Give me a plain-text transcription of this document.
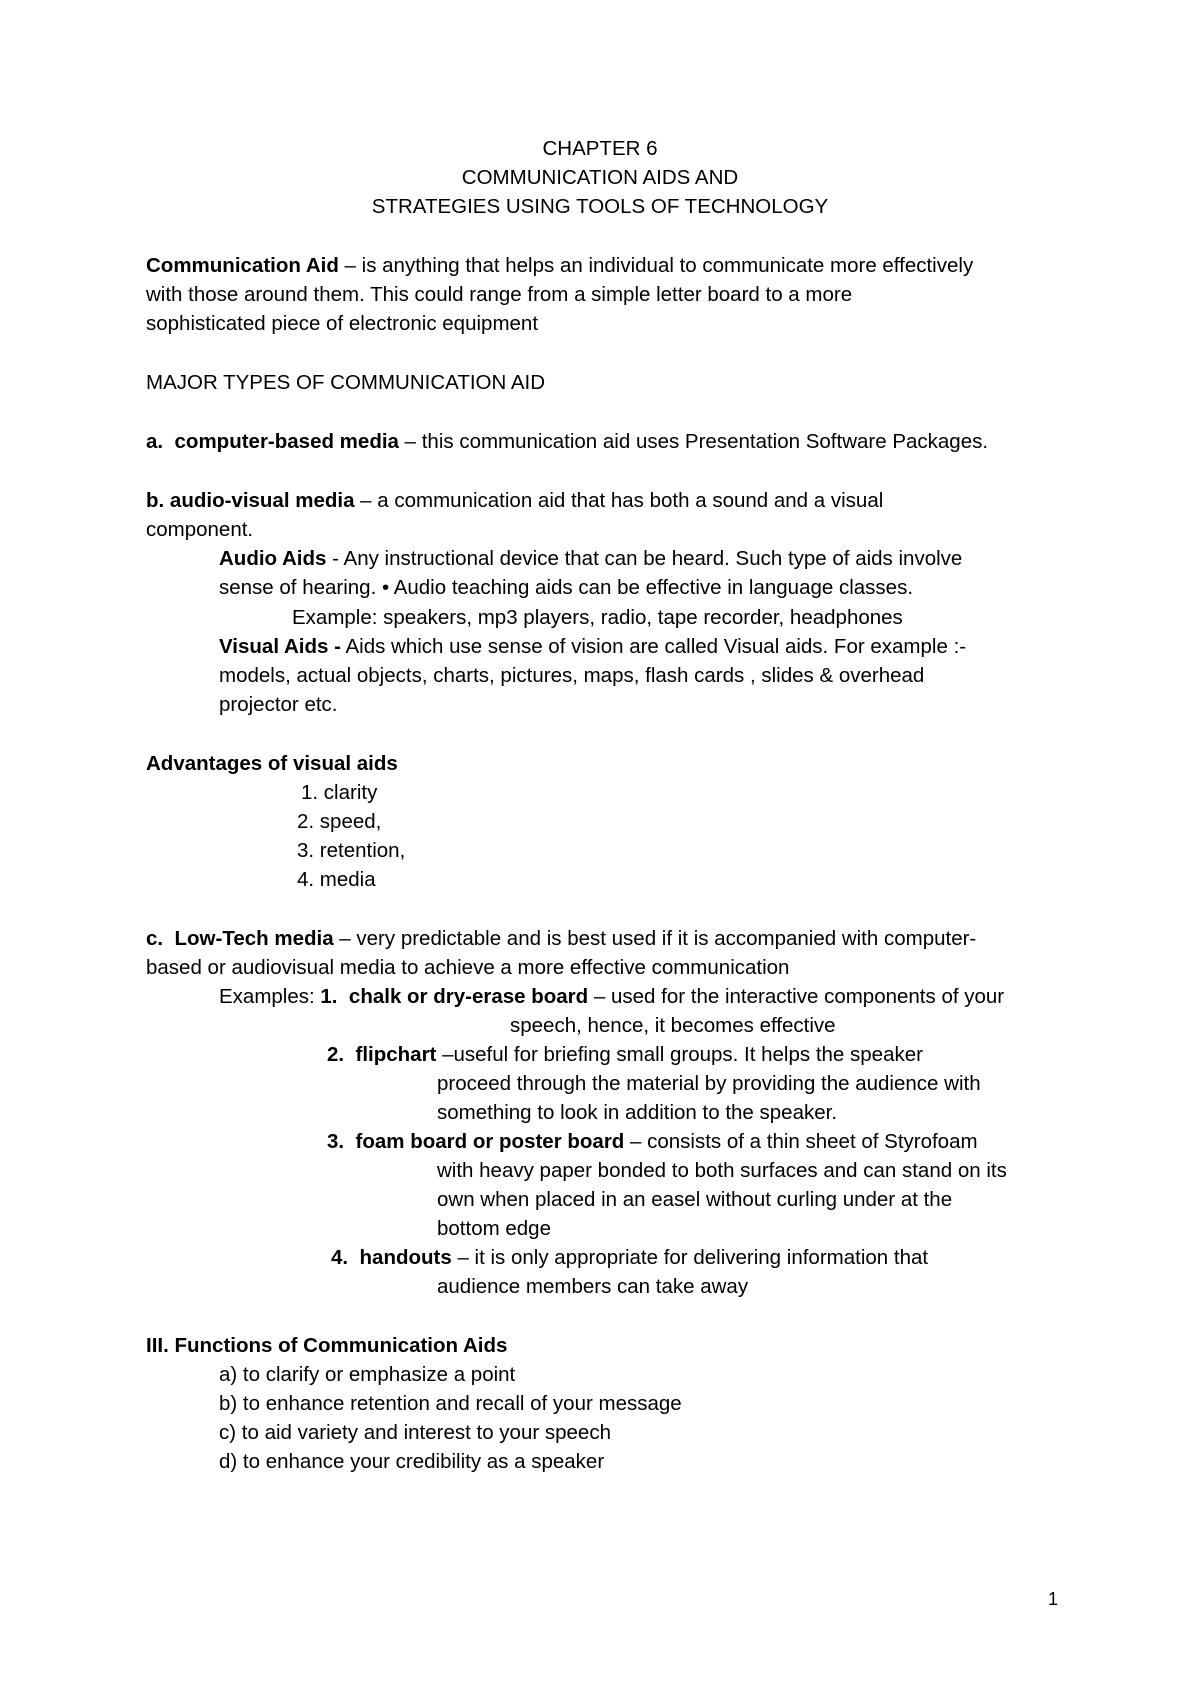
CHAPTER 6
COMMUNICATION AIDS AND
STRATEGIES USING TOOLS OF TECHNOLOGY
Communication Aid – is anything that helps an individual to communicate more effectively
with those around them. This could range from a simple letter board to a more
sophisticated piece of electronic equipment
MAJOR TYPES OF COMMUNICATION AID
a. computer-based media – this communication aid uses Presentation Software Packages.
b. audio-visual media – a communication aid that has both a sound and a visual
component.
Audio Aids - Any instructional device that can be heard. Such type of aids involve
sense of hearing. • Audio teaching aids can be effective in language classes.
Example: speakers, mp3 players, radio, tape recorder, headphones
Visual Aids - Aids which use sense of vision are called Visual aids. For example :-
models, actual objects, charts, pictures, maps, flash cards , slides & overhead
projector etc.
Advantages of visual aids
1. clarity
2. speed,
3. retention,
4. media
c. Low-Tech media – very predictable and is best used if it is accompanied with computer-
based or audiovisual media to achieve a more effective communication
Examples: 1. chalk or dry-erase board – used for the interactive components of your
speech, hence, it becomes effective
2. flipchart –useful for briefing small groups. It helps the speaker
proceed through the material by providing the audience with
something to look in addition to the speaker.
3. foam board or poster board – consists of a thin sheet of Styrofoam
with heavy paper bonded to both surfaces and can stand on its
own when placed in an easel without curling under at the
bottom edge
4. handouts – it is only appropriate for delivering information that
audience members can take away
III. Functions of Communication Aids
a) to clarify or emphasize a point
b) to enhance retention and recall of your message
c) to aid variety and interest to your speech
d) to enhance your credibility as a speaker
1
